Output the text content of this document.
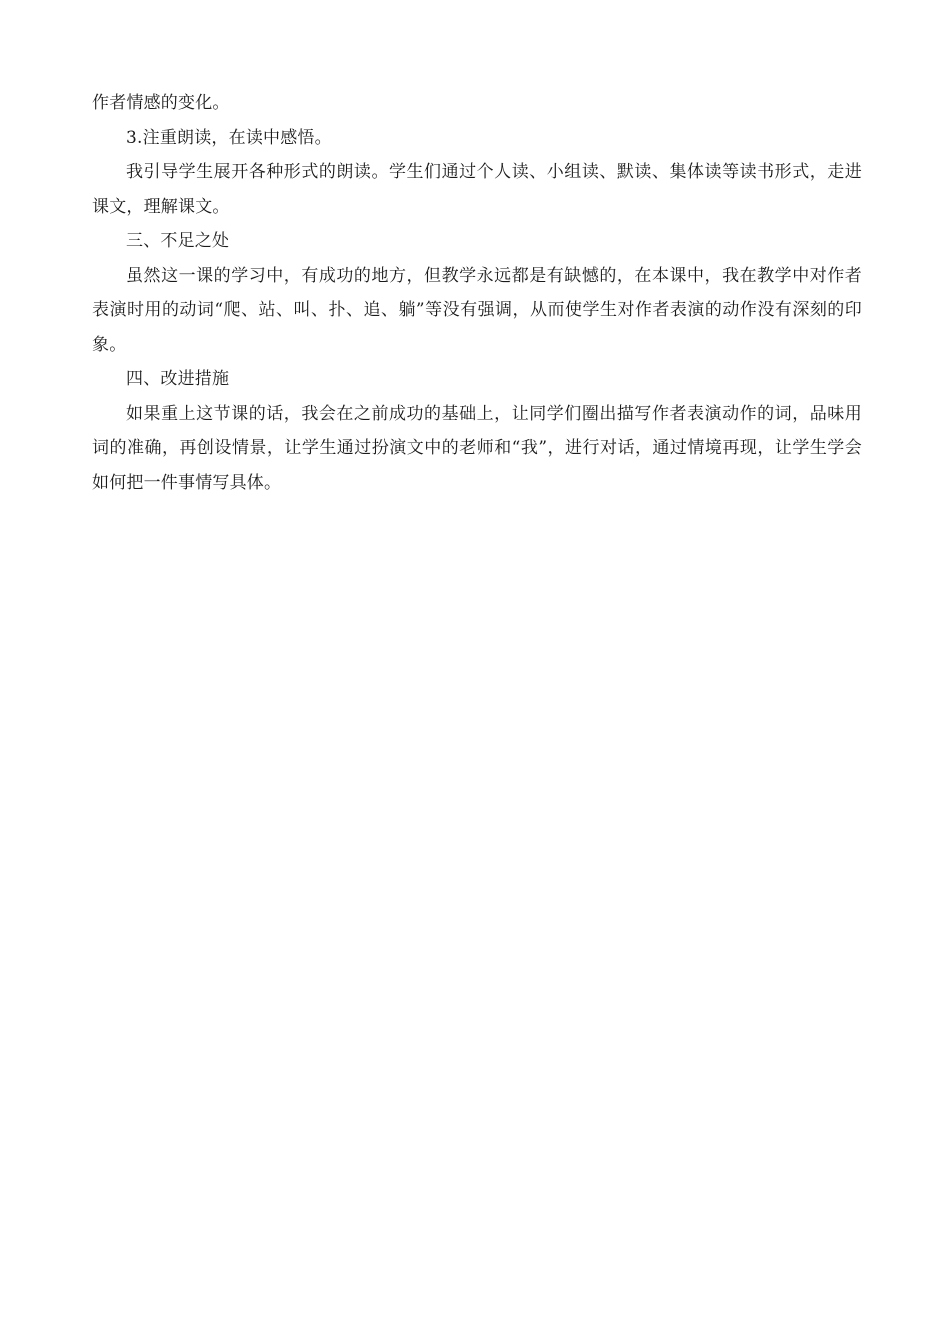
作者情感的变化。

3.注重朗读，在读中感悟。

我引导学生展开各种形式的朗读。学生们通过个人读、小组读、默读、集体读等读书形式，走进课文，理解课文。

三、不足之处

虽然这一课的学习中，有成功的地方，但教学永远都是有缺憾的，在本课中，我在教学中对作者表演时用的动词“爬、站、叫、扑、追、躺”等没有强调，从而使学生对作者表演的动作没有深刻的印象。

四、改进措施

如果重上这节课的话，我会在之前成功的基础上，让同学们圈出描写作者表演动作的词，品味用词的准确，再创设情景，让学生通过扮演文中的老师和“我”，进行对话，通过情境再现，让学生学会如何把一件事情写具体。
